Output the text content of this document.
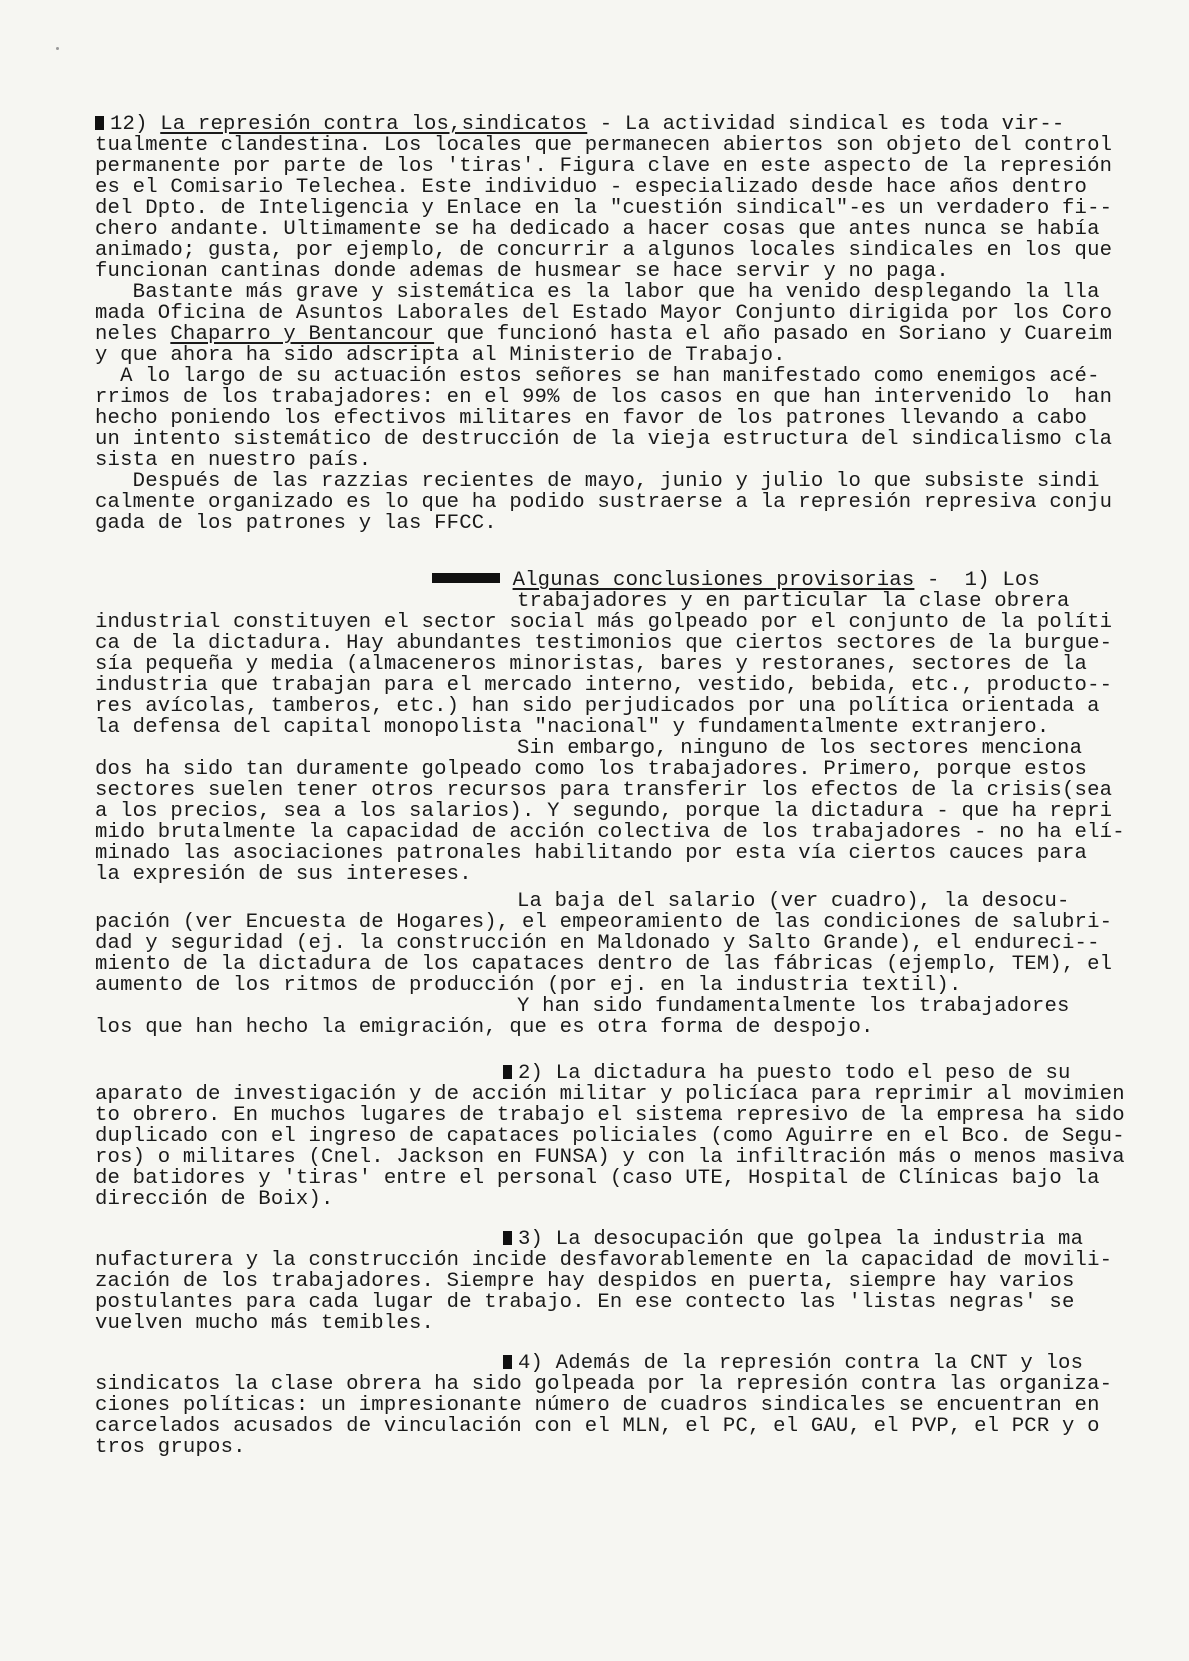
12) La represión contra los,sindicatos - La actividad sindical es toda vir--
tualmente clandestina. Los locales que permanecen abiertos son objeto del control
permanente por parte de los 'tiras'. Figura clave en este aspecto de la represión
es el Comisario Telechea. Este individuo - especializado desde hace años dentro
del Dpto. de Inteligencia y Enlace en la "cuestión sindical"-es un verdadero fi--
chero andante. Ultimamente se ha dedicado a hacer cosas que antes nunca se había
animado; gusta, por ejemplo, de concurrir a algunos locales sindicales en los que
funcionan cantinas donde ademas de husmear se hace servir y no paga.
Bastante más grave y sistemática es la labor que ha venido desplegando la lla
mada Oficina de Asuntos Laborales del Estado Mayor Conjunto dirigida por los Coro
neles Chaparro y Bentancour que funcionó hasta el año pasado en Soriano y Cuareim
y que ahora ha sido adscripta al Ministerio de Trabajo.
A lo largo de su actuación estos señores se han manifestado como enemigos acé-
rrimos de los trabajadores: en el 99% de los casos en que han intervenido lo  han
hecho poniendo los efectivos militares en favor de los patrones llevando a cabo
un intento sistemático de destrucción de la vieja estructura del sindicalismo cla
sista en nuestro país.
Después de las razzias recientes de mayo, junio y julio lo que subsiste sindi
calmente organizado es lo que ha podido sustraerse a la represión represiva conju
gada de los patrones y las FFCC.
Algunas conclusiones provisorias -  1) Los
trabajadores y en particular la clase obrera
industrial constituyen el sector social más golpeado por el conjunto de la políti
ca de la dictadura. Hay abundantes testimonios que ciertos sectores de la burgue-
sía pequeña y media (almaceneros minoristas, bares y restoranes, sectores de la
industria que trabajan para el mercado interno, vestido, bebida, etc., producto--
res avícolas, tamberos, etc.) han sido perjudicados por una política orientada a
la defensa del capital monopolista "nacional" y fundamentalmente extranjero.
Sin embargo, ninguno de los sectores menciona
dos ha sido tan duramente golpeado como los trabajadores. Primero, porque estos
sectores suelen tener otros recursos para transferir los efectos de la crisis(sea
a los precios, sea a los salarios). Y segundo, porque la dictadura - que ha repri
mido brutalmente la capacidad de acción colectiva de los trabajadores - no ha elí-
minado las asociaciones patronales habilitando por esta vía ciertos cauces para
la expresión de sus intereses.
La baja del salario (ver cuadro), la desocu-
pación (ver Encuesta de Hogares), el empeoramiento de las condiciones de salubri-
dad y seguridad (ej. la construcción en Maldonado y Salto Grande), el endureci--
miento de la dictadura de los capataces dentro de las fábricas (ejemplo, TEM), el
aumento de los ritmos de producción (por ej. en la industria textil).
Y han sido fundamentalmente los trabajadores
los que han hecho la emigración, que es otra forma de despojo.
2) La dictadura ha puesto todo el peso de su
aparato de investigación y de acción militar y policíaca para reprimir al movimien
to obrero. En muchos lugares de trabajo el sistema represivo de la empresa ha sido
duplicado con el ingreso de capataces policiales (como Aguirre en el Bco. de Segu-
ros) o militares (Cnel. Jackson en FUNSA) y con la infiltración más o menos masiva
de batidores y 'tiras' entre el personal (caso UTE, Hospital de Clínicas bajo la
dirección de Boix).
3) La desocupación que golpea la industria ma
nufacturera y la construcción incide desfavorablemente en la capacidad de movili-
zación de los trabajadores. Siempre hay despidos en puerta, siempre hay varios
postulantes para cada lugar de trabajo. En ese contecto las 'listas negras' se
vuelven mucho más temibles.
4) Además de la represión contra la CNT y los
sindicatos la clase obrera ha sido golpeada por la represión contra las organiza-
ciones políticas: un impresionante número de cuadros sindicales se encuentran en
carcelados acusados de vinculación con el MLN, el PC, el GAU, el PVP, el PCR y o
tros grupos.
